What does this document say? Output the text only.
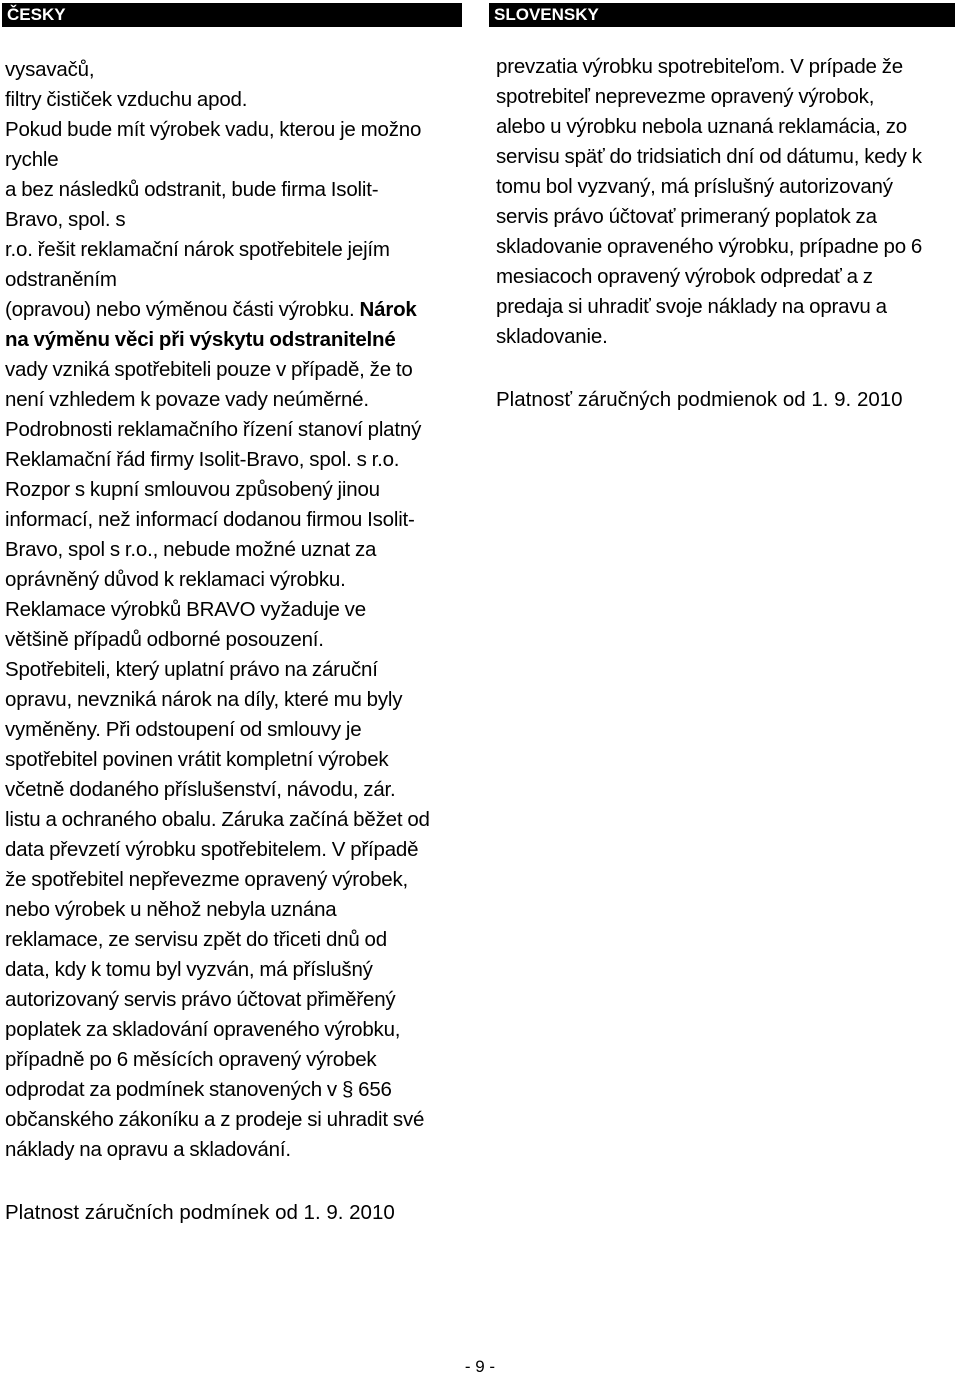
ČESKY	SLOVENSKY
vysavačů,
filtry čističek vzduchu apod.
Pokud bude mít výrobek vadu, kterou je možno
rychle
a bez následků odstranit, bude firma Isolit-
Bravo, spol. s
r.o. řešit reklamační nárok spotřebitele jejím
odstraněním
(opravou) nebo výměnou části výrobku. Nárok
na výměnu věci při výskytu odstranitelné
vady vzniká spotřebiteli pouze v případě, že to
není vzhledem k povaze vady neúměrné.
Podrobnosti reklamačního řízení stanoví platný
Reklamační řád firmy Isolit-Bravo, spol. s r.o.
Rozpor s kupní smlouvou způsobený jinou
informací, než informací dodanou firmou Isolit-
Bravo, spol s r.o., nebude možné uznat za
oprávněný důvod k reklamaci výrobku.
Reklamace výrobků BRAVO vyžaduje ve
většině případů odborné posouzení.
Spotřebiteli, který uplatní právo na záruční
opravu, nevzniká nárok na díly, které mu byly
vyměněny. Při odstoupení od smlouvy je
spotřebitel povinen vrátit kompletní výrobek
včetně dodaného příslušenství, návodu, zár.
listu a ochraného obalu. Záruka začíná běžet od
data převzetí výrobku spotřebitelem. V případě
že spotřebitel nepřevezme opravený výrobek,
nebo výrobek u něhož nebyla uznána
reklamace, ze servisu zpět do třiceti dnů od
data, kdy k tomu byl vyzván, má příslušný
autorizovaný servis právo účtovat přiměřený
poplatek za skladování opraveného výrobku,
případně po 6 měsících opravený výrobek
odprodat za podmínek stanovených v § 656
občanského zákoníku a z prodeje si uhradit své
náklady na opravu a skladování.
Platnost záručních podmínek od 1. 9. 2010
prevzatia výrobku spotrebiteľom. V prípade že
spotrebiteľ neprevezme opravený výrobok,
alebo u výrobku nebola uznaná reklamácia, zo
servisu späť do tridsiatich dní od dátumu, kedy k
tomu bol vyzvaný, má príslušný autorizovaný
servis právo účtovať primeraný poplatok za
skladovanie opraveného výrobku, prípadne po 6
mesiacoch opravený výrobok odpredať a z
predaja si uhradiť svoje náklady na opravu a
skladovanie.
Platnosť záručných podmienok od 1. 9. 2010
- 9 -
